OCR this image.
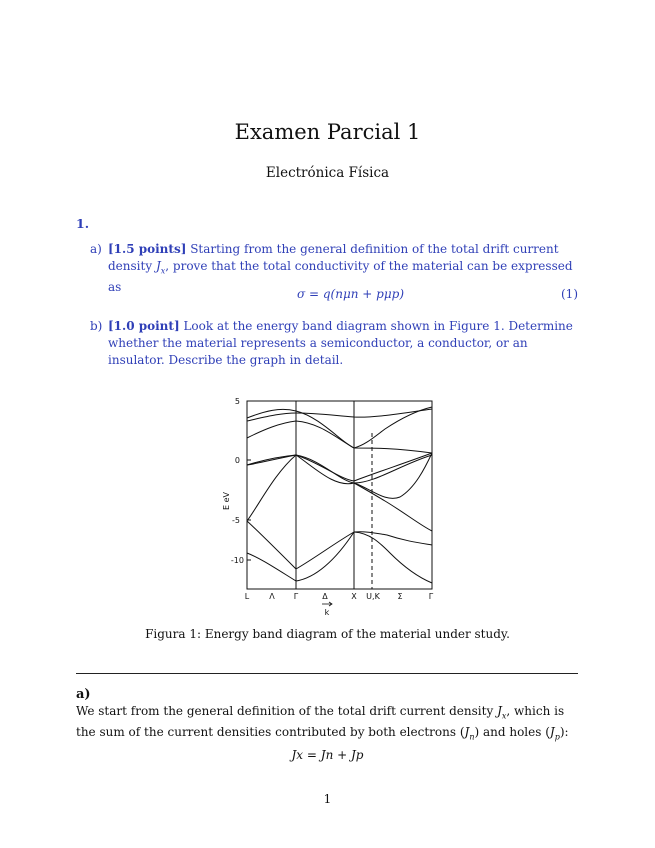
Examen Parcial 1
Electrónica Física
1.
a) [1.5 points] Starting from the general definition of the total drift current density $J_x$, prove that the total conductivity of the material can be expressed as	σ = q(nμn + pμp)	(1)
b) [1.0 point] Look at the energy band diagram shown in Figure 1. Determine whether the material represents a semiconductor, a conductor, or an insulator. Describe the graph in detail.
5
0
-5
-10
E eV
L	Λ Γ	Δ	X U,K Σ	Γ
k
Figura 1: Energy band diagram of the material under study.
a)
We start from the general definition of the total drift current density $J_x$, which is the sum of the current densities contributed by both electrons $(J_n)$ and holes $(J_p)$:
Jx = Jn + Jp
1
